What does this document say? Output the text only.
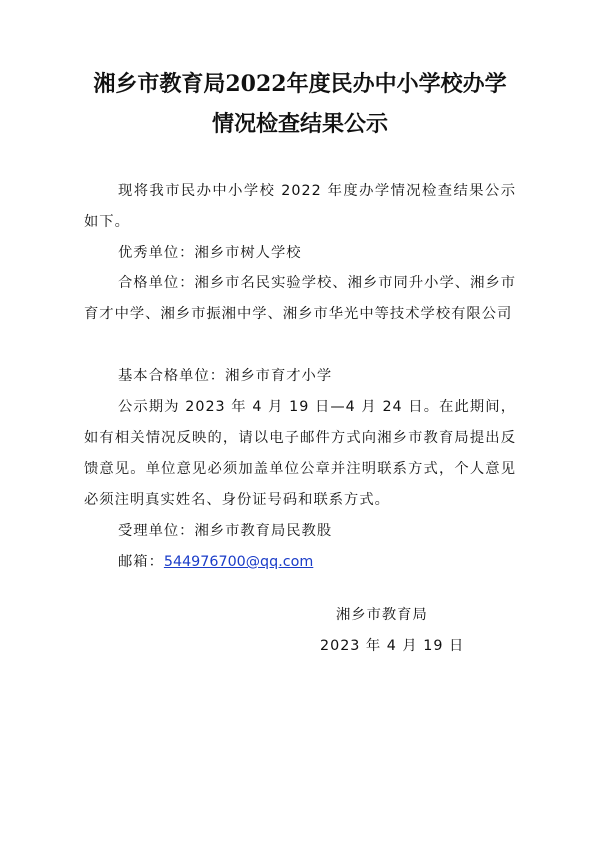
湘乡市教育局2022年度民办中小学校办学
情况检查结果公示

现将我市民办中小学校 2022 年度办学情况检查结果公示如下。

优秀单位：湘乡市树人学校

合格单位：湘乡市名民实验学校、湘乡市同升小学、湘乡市育才中学、湘乡市振湘中学、湘乡市华光中等技术学校有限公司

基本合格单位：湘乡市育才小学

公示期为 2023 年 4 月 19 日—4 月 24 日。在此期间，如有相关情况反映的，请以电子邮件方式向湘乡市教育局提出反馈意见。单位意见必须加盖单位公章并注明联系方式，个人意见必须注明真实姓名、身份证号码和联系方式。

受理单位：湘乡市教育局民教股

邮箱：544976700@qq.com

湘乡市教育局

2023 年 4 月 19 日
